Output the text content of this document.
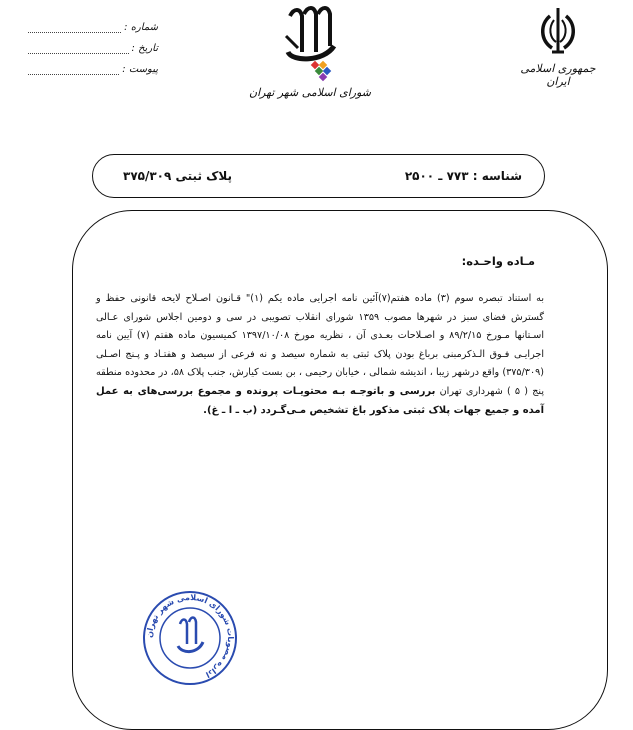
شماره :
تاریخ :
پیوست :
شورای اسلامی شهر تهران
جمهوری اسلامی ایران
شناسه : ۷۷۳ ـ ۲۵۰۰
پلاک ثبتی ۳۷۵/۳۰۹
مـاده واحـده:

به استناد تبصره سوم (۳) ماده هفتم(۷)آئین نامه اجرایی ماده یکم (۱)" قـانون اصـلاح لایحه قانونی حفظ و گسترش فضای سبز در شهرها مصوب ۱۳۵۹ شورای انقلاب تصویبی در سی و دومین اجلاس شورای عـالی اسـتانها مـورخ ۸۹/۲/۱۵ و اصـلاحات بعـدی آن ، نظریه مورخ ۱۳۹۷/۱۰/۰۸ کمیسیون ماده هفتم (۷) آیین نامه اجرایـی فـوق الـذکرمبنی برباغ بودن پلاک ثبتی به شماره سیصد و نه فرعی از سیصد و هفتـاد و پـنج اصـلی (۳۷۵/۳۰۹) واقع درشهر زیبا ، اندیشه شمالی ، خیابان رحیمی ، بن بست کیارش، جنب پلاک ۵۸، در محدوده منطقه پنج ( ۵ ) شهرداری تهران بررسی و باتوجـه بـه محتویـات پرونده و مجموع بررسی‌های به عمل آمده و جمیع جهات پلاک ثبتی مذکور باغ تشخیص مـی‌گـردد (ب ـ ا ـ غ).

اداره مصوبات شورای اسلامی شهر تهران
